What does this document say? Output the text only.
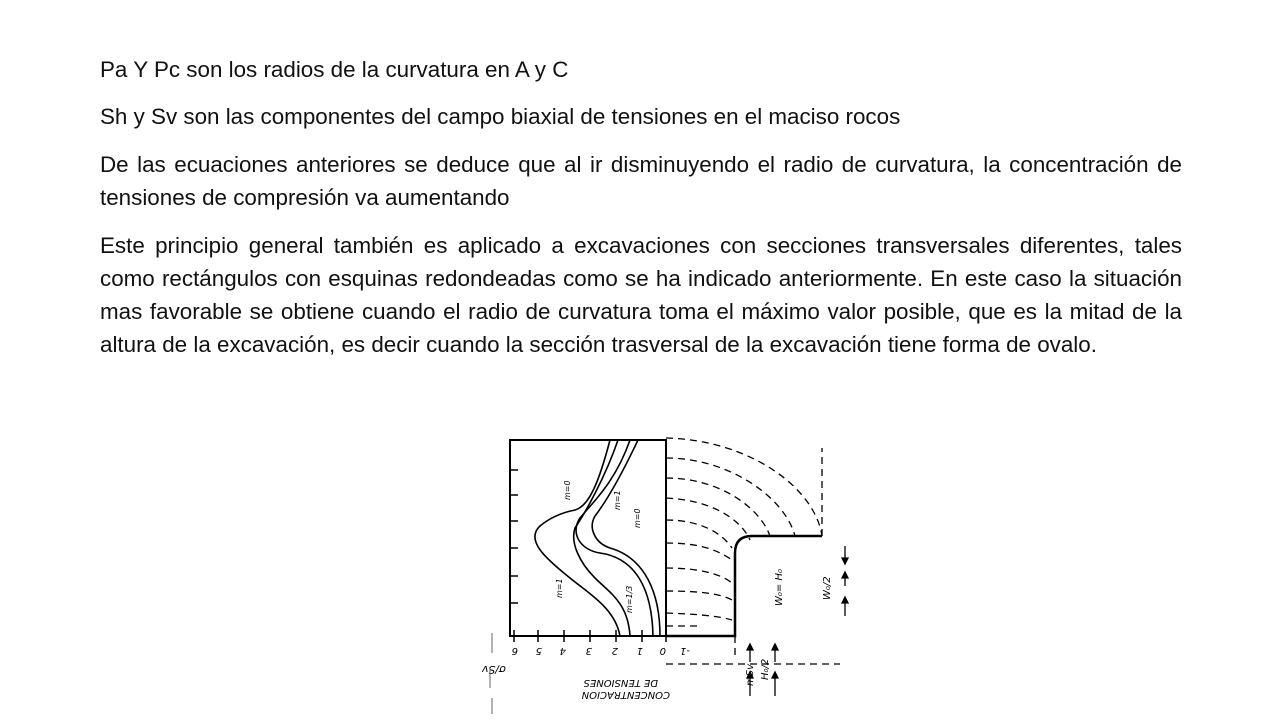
Pa Y Pc son los radios de la curvatura en A y C

Sh y Sv son las componentes del campo biaxial de tensiones en el maciso rocos

De las ecuaciones anteriores se deduce que al ir disminuyendo el radio de curvatura, la concentración de tensiones de compresión va aumentando

Este principio general también es aplicado a excavaciones con secciones transversales diferentes, tales como rectángulos con esquinas redondeadas como se ha indicado anteriormente. En este caso la situación mas favorable se obtiene cuando el radio de curvatura toma el máximo valor posible, que es la mitad de la altura de la excavación, es decir cuando la sección trasversal de la excavación tiene forma de ovalo.

W₀= H₀	W₀/2
H₀/2
mSv
m=0
m=1
m=1
m=0
m=1/3
CONCENTRACION
DE TENSIONES
6 5 4 3 2 1 0 -1
σ/Sv
